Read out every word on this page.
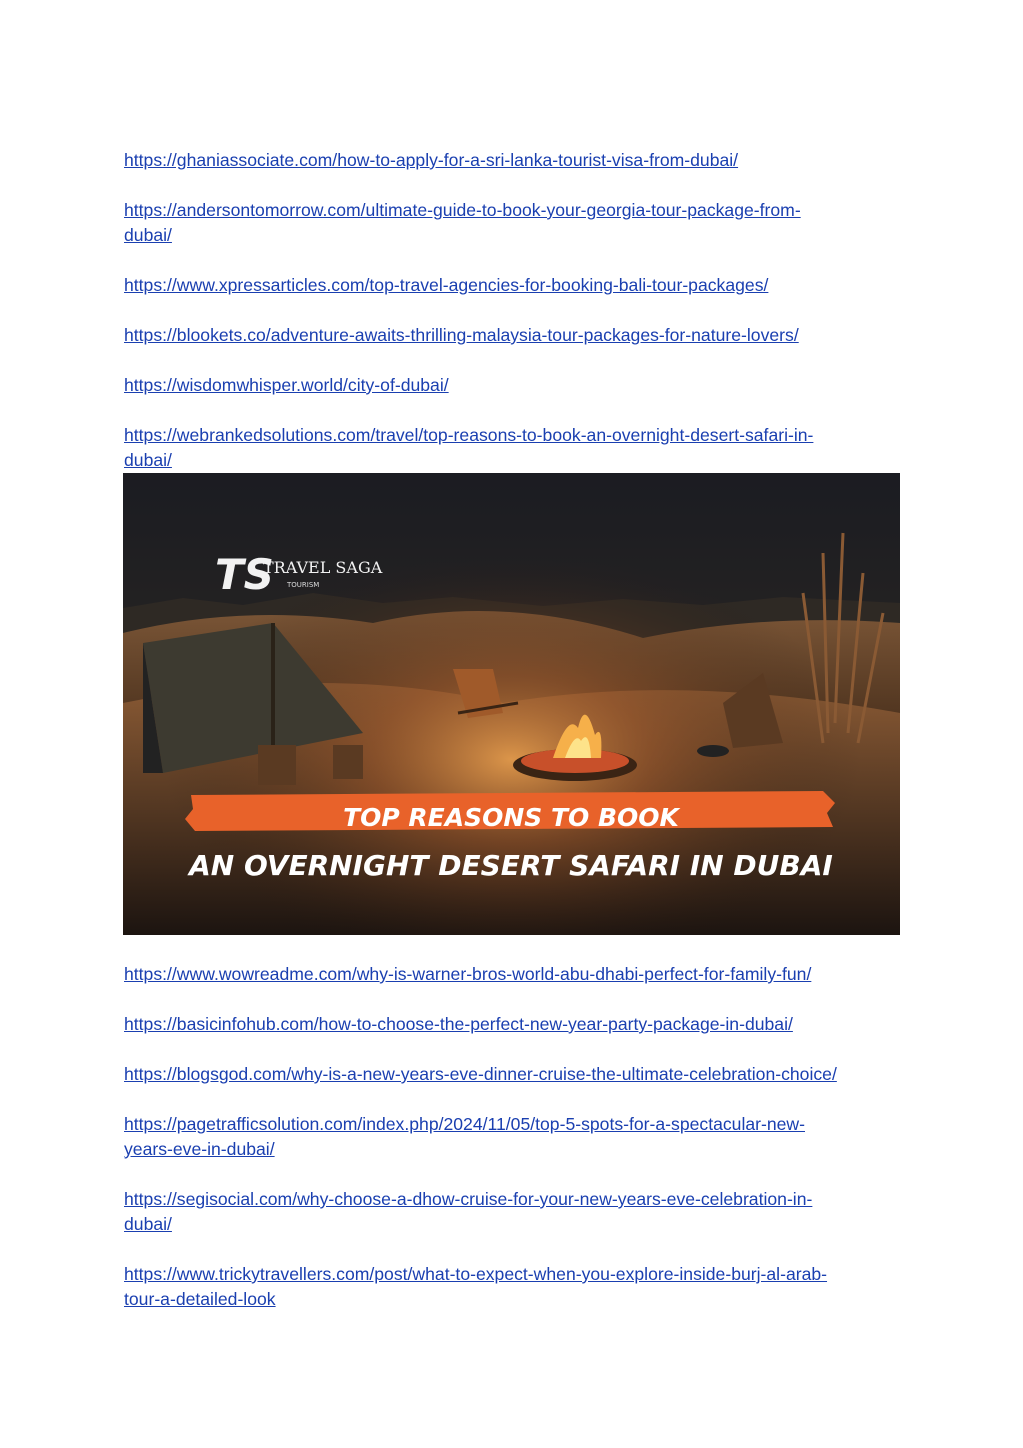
https://ghaniassociate.com/how-to-apply-for-a-sri-lanka-tourist-visa-from-dubai/
https://andersontomorrow.com/ultimate-guide-to-book-your-georgia-tour-package-from-
dubai/
https://www.xpressarticles.com/top-travel-agencies-for-booking-bali-tour-packages/
https://blookets.co/adventure-awaits-thrilling-malaysia-tour-packages-for-nature-lovers/
https://wisdomwhisper.world/city-of-dubai/
https://webrankedsolutions.com/travel/top-reasons-to-book-an-overnight-desert-safari-in-
dubai/
TS
TRAVEL SAGA
TOURISM
TOP REASONS TO BOOK
AN OVERNIGHT DESERT SAFARI IN DUBAI
https://www.wowreadme.com/why-is-warner-bros-world-abu-dhabi-perfect-for-family-fun/
https://basicinfohub.com/how-to-choose-the-perfect-new-year-party-package-in-dubai/
https://blogsgod.com/why-is-a-new-years-eve-dinner-cruise-the-ultimate-celebration-choice/
https://pagetrafficsolution.com/index.php/2024/11/05/top-5-spots-for-a-spectacular-new-
years-eve-in-dubai/
https://segisocial.com/why-choose-a-dhow-cruise-for-your-new-years-eve-celebration-in-
dubai/
https://www.trickytravellers.com/post/what-to-expect-when-you-explore-inside-burj-al-arab-
tour-a-detailed-look
